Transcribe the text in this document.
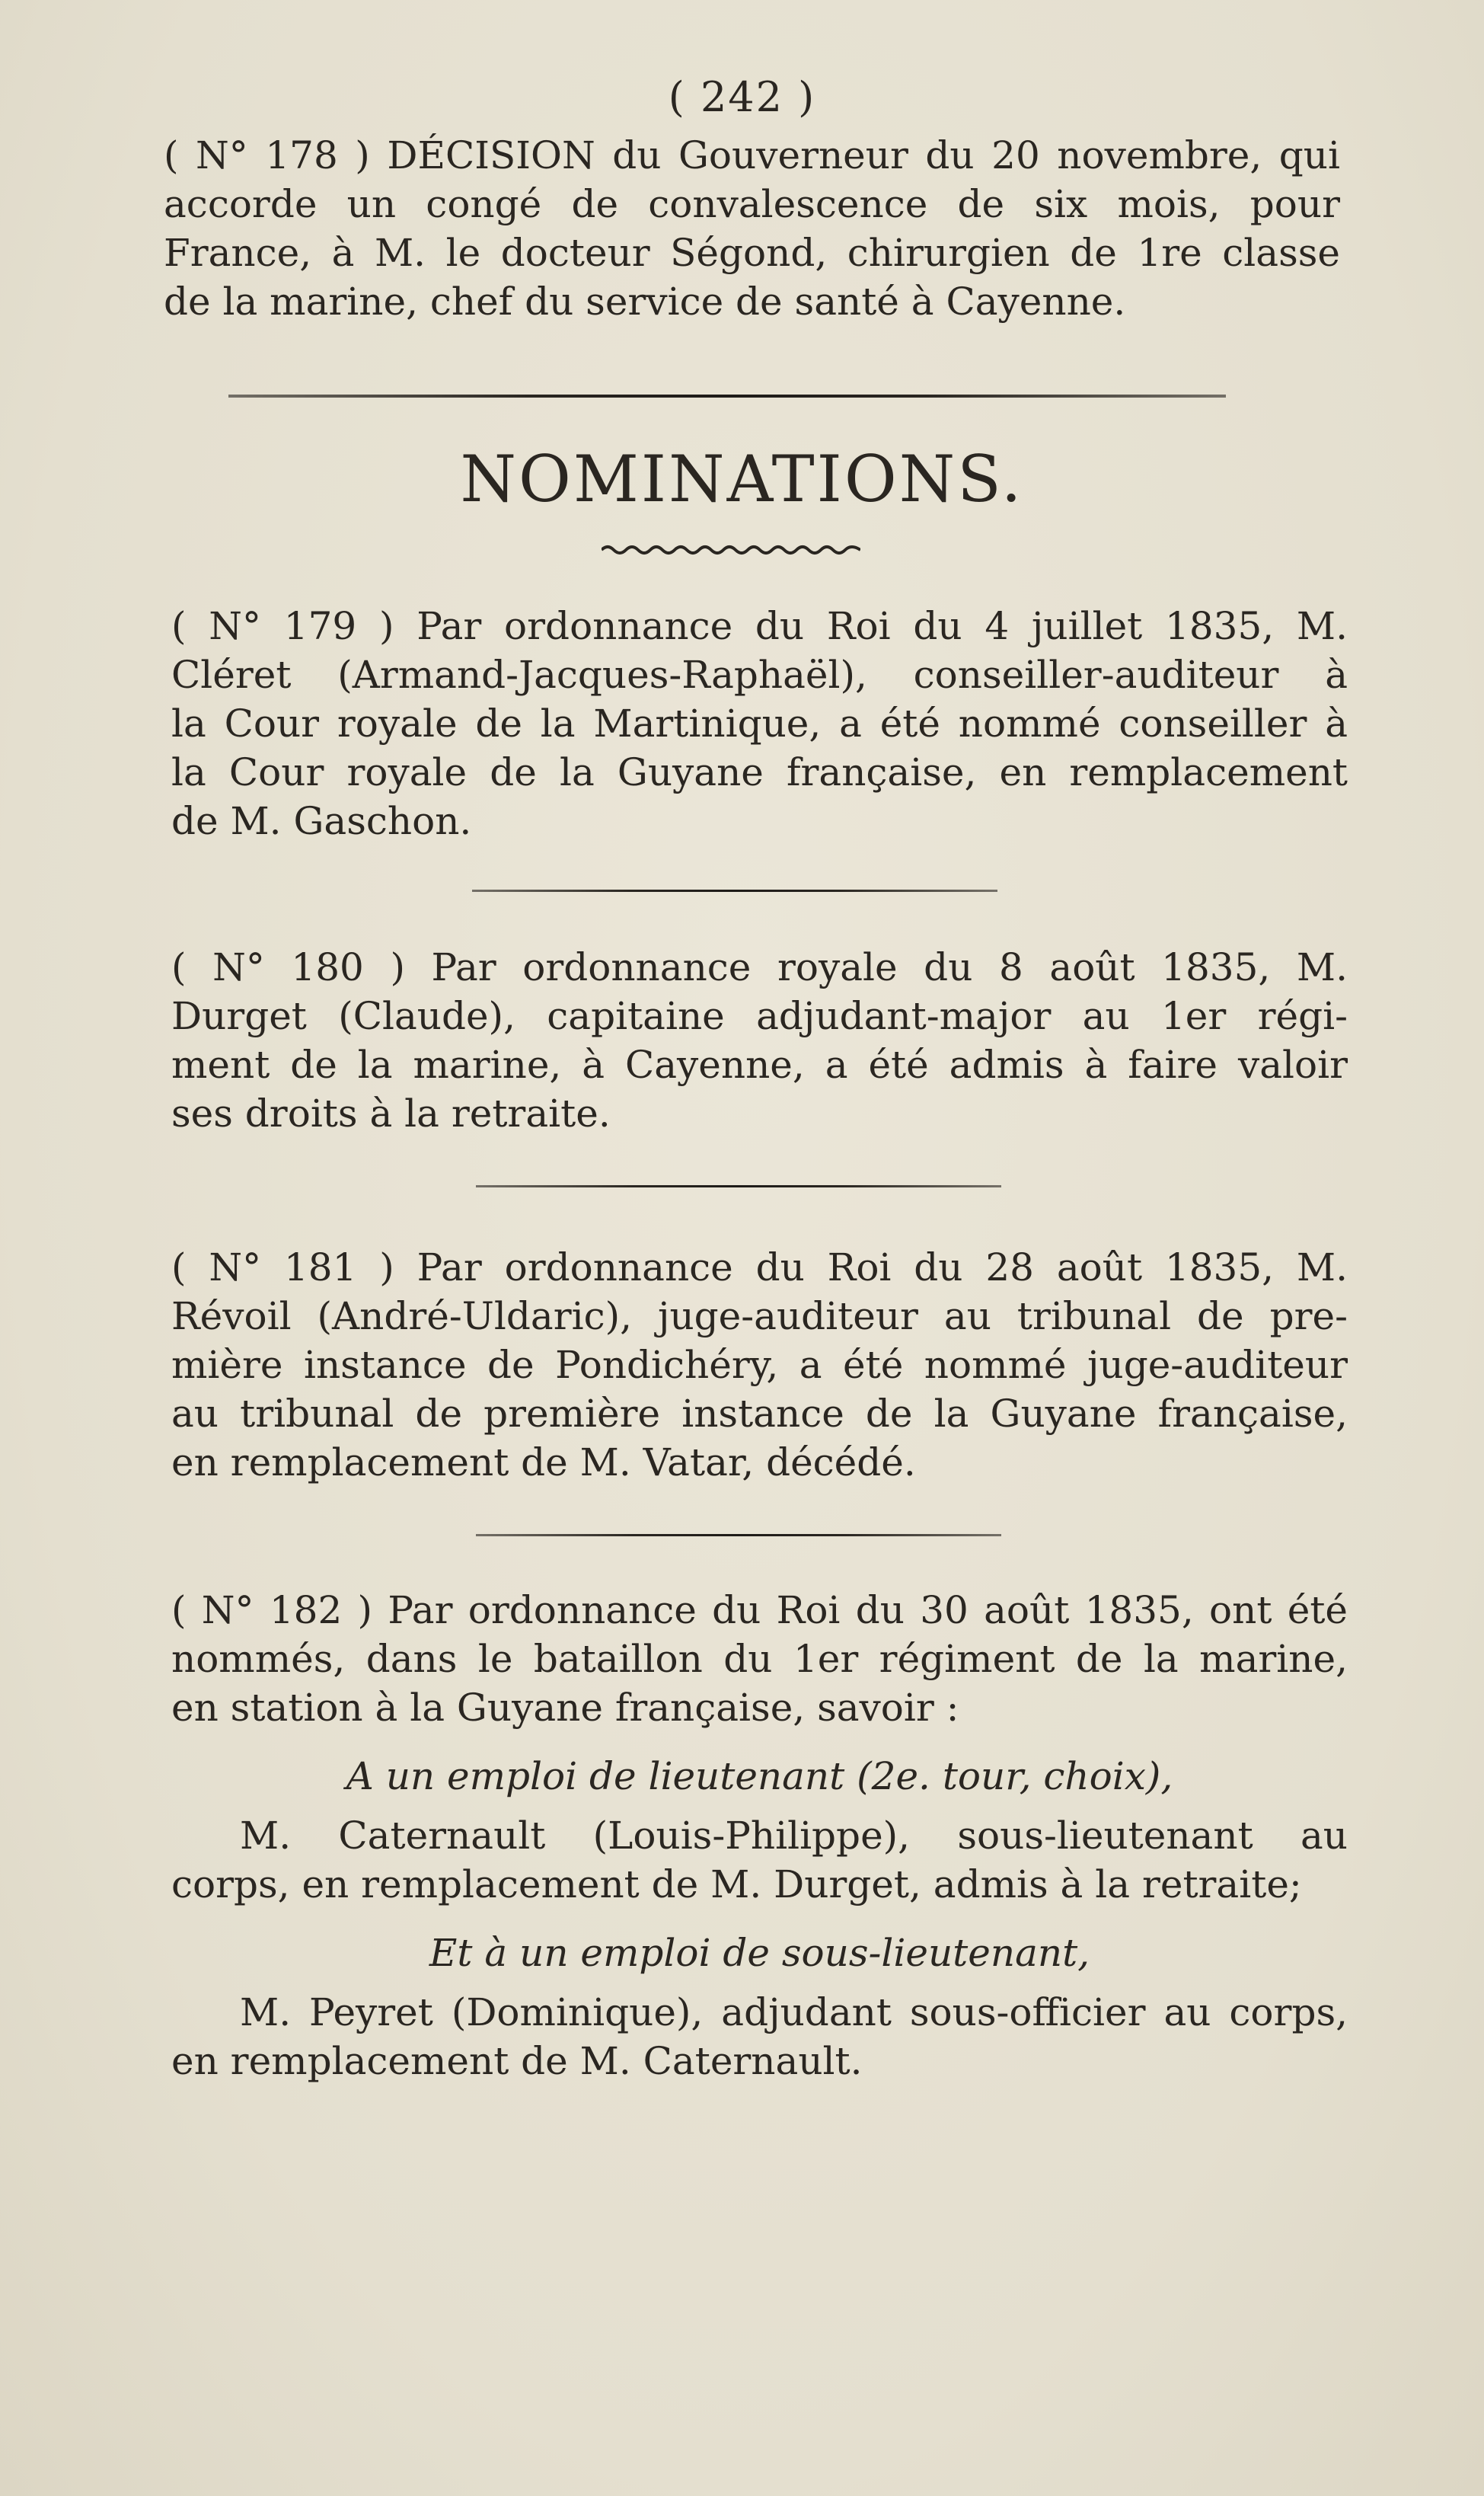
( 242 )
( N° 178 ) DÉCISION du Gouverneur du 20 novembre, qui
accorde un congé de convalescence de six mois, pour
France, à M. le docteur Ségond, chirurgien de 1re classe
de la marine, chef du service de santé à Cayenne.
NOMINATIONS.
( N° 179 ) Par ordonnance du Roi du 4 juillet 1835, M.
Cléret (Armand-Jacques-Raphaël), conseiller-auditeur à
la Cour royale de la Martinique, a été nommé conseiller à
la Cour royale de la Guyane française, en remplacement
de M. Gaschon.
( N° 180 ) Par ordonnance royale du 8 août 1835, M.
Durget (Claude), capitaine adjudant-major au 1er régi-
ment de la marine, à Cayenne, a été admis à faire valoir
ses droits à la retraite.
( N° 181 ) Par ordonnance du Roi du 28 août 1835, M.
Révoil (André-Uldaric), juge-auditeur au tribunal de pre-
mière instance de Pondichéry, a été nommé juge-auditeur
au tribunal de première instance de la Guyane française,
en remplacement de M. Vatar, décédé.
( N° 182 ) Par ordonnance du Roi du 30 août 1835, ont été
nommés, dans le bataillon du 1er régiment de la marine,
en station à la Guyane française, savoir :
A un emploi de lieutenant (2e. tour, choix),
M. Caternault (Louis-Philippe), sous-lieutenant au
corps, en remplacement de M. Durget, admis à la retraite;
Et à un emploi de sous-lieutenant,
M. Peyret (Dominique), adjudant sous-officier au corps,
en remplacement de M. Caternault.
